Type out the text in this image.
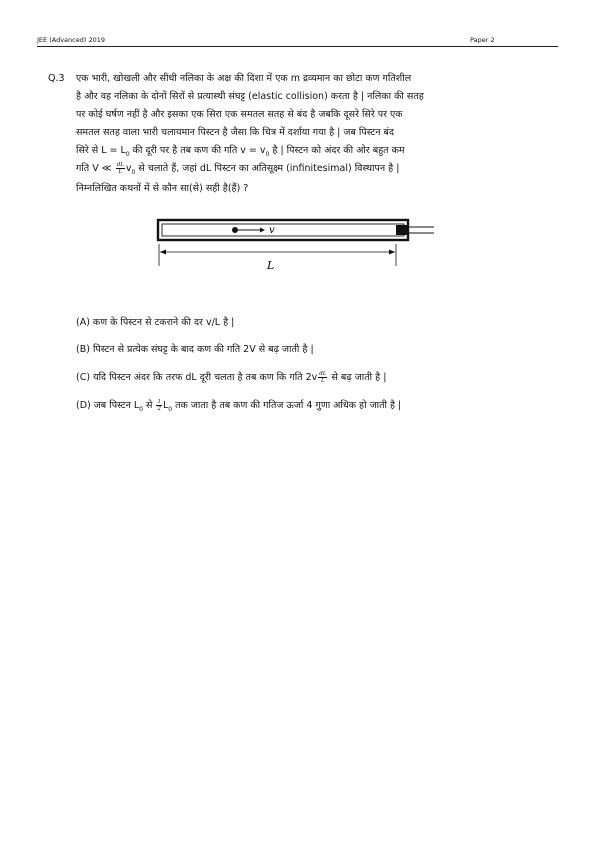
JEE (Advanced) 2019	Paper 2
Q.3 एक भारी, खोखली और सीधी नलिका के अक्ष की दिशा में एक m द्रव्यमान का छोटा कण गतिशील
है और वह नलिका के दोनों सिरों से प्रत्यास्थी संघट्ट (elastic collision) करता है | नलिका की सतह
पर कोई घर्षण नहीं है और इसका एक सिरा एक समतल सतह से बंद है जबकि दूसरे सिरे पर एक
समतल सतह वाला भारी चलायमान पिस्टन है जैसा कि चित्र में दर्शाया गया है | जब पिस्टन बंद
सिरे से $L = L_0$ की दूरी पर है तब कण की गति $v = v_0$ है | पिस्टन को अंदर की ओर बहुत कम
गति V ≪ $\frac{dL}{L} v_0$ से चलाते हैं, जहां dL पिस्टन का अतिसूक्ष्म (infinitesimal) विस्थापन है |
निम्नलिखित कथनों में से कौन सा(से) सही है(हैं) ?
v
L
(A) कण के पिस्टन से टकराने की दर v/L है |
(B) पिस्टन से प्रत्येक संघट्ट के बाद कण की गति 2V से बढ़ जाती है |
(C) यदि पिस्टन अंदर कि तरफ dL दूरी चलता है तब कण कि गति $2v \frac{dL}{L}$ से बढ़ जाती है |
(D) जब पिस्टन $L_0$ से $\frac{1}{2} L_0$ तक जाता है तब कण की गतिज ऊर्जा 4 गुणा अधिक हो जाती है |
